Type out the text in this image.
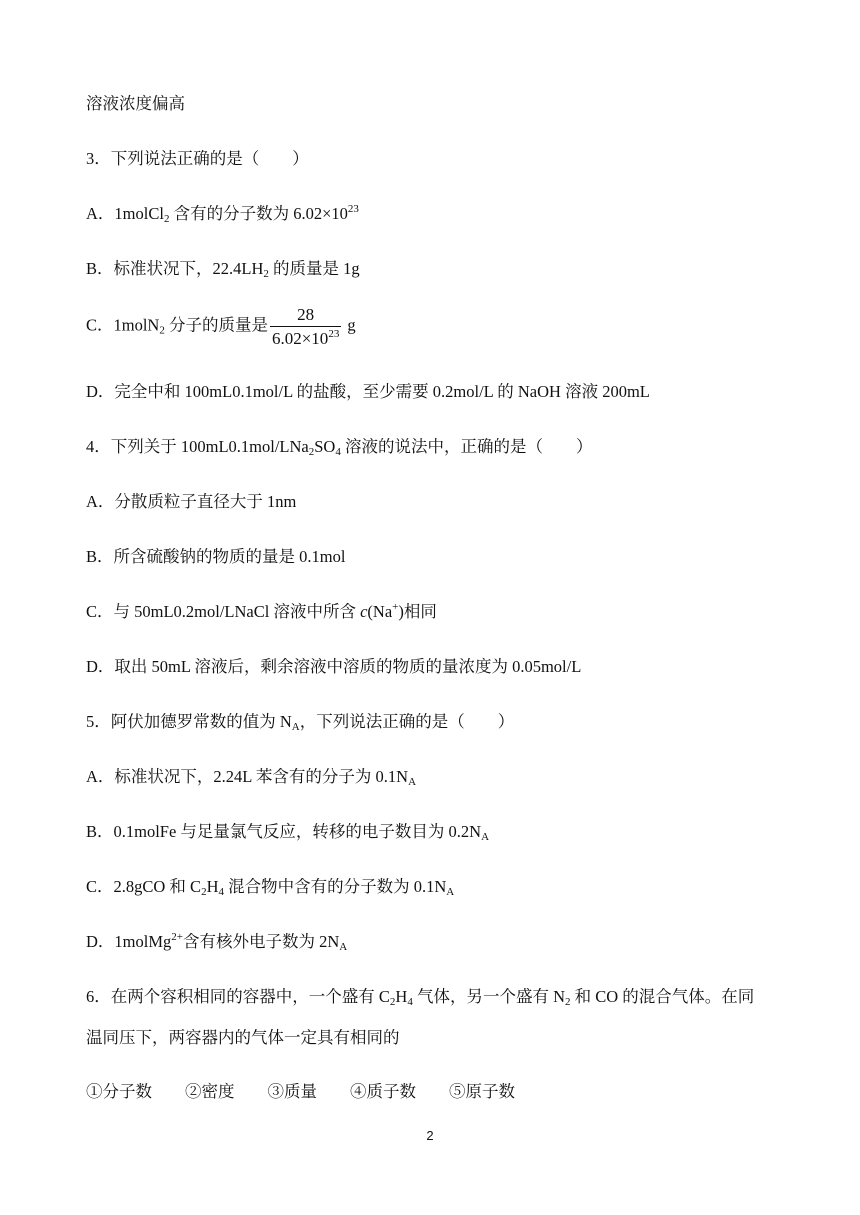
溶液浓度偏高
3．下列说法正确的是（　　）
A．1molCl$_2$ 含有的分子数为 $6.02\times 10^{23}$
B．标准状况下，$22.4LH_2$ 的质量是 1g
C．1molN$_2$ 分子的质量是 $\frac{28}{6.02\times 10^{23}}$ g
D．完全中和 100mL0.1mol/L 的盐酸，至少需要 0.2mol/L 的 NaOH 溶液 200mL
4．下列关于 $100mL0.1mol/LNa_2SO_4$ 溶液的说法中，正确的是（　　）
A．分散质粒子直径大于 1nm
B．所含硫酸钠的物质的量是 0.1mol
C．与 50mL0.2mol/LNaCl 溶液中所含 c(Na+)相同
D．取出 50mL 溶液后，剩余溶液中溶质的物质的量浓度为 0.05mol/L
5．阿伏加德罗常数的值为 $N_A$，下列说法正确的是（　　）
A．标准状况下，2.24L 苯含有的分子为 $0.1N_A$
B．0.1molFe 与足量氯气反应，转移的电子数目为 $0.2N_A$
C．2.8gCO 和 $C_2H_4$ 混合物中含有的分子数为 $0.1N_A$
D．1molMg$^{2+}$含有核外电子数为 $2N_A$
6．在两个容积相同的容器中，一个盛有 $C_2H_4$ 气体，另一个盛有 $N_2$ 和 CO 的混合气体。在同
温同压下，两容器内的气体一定具有相同的
①分子数　　②密度　　③质量　　④质子数　　⑤原子数
2
